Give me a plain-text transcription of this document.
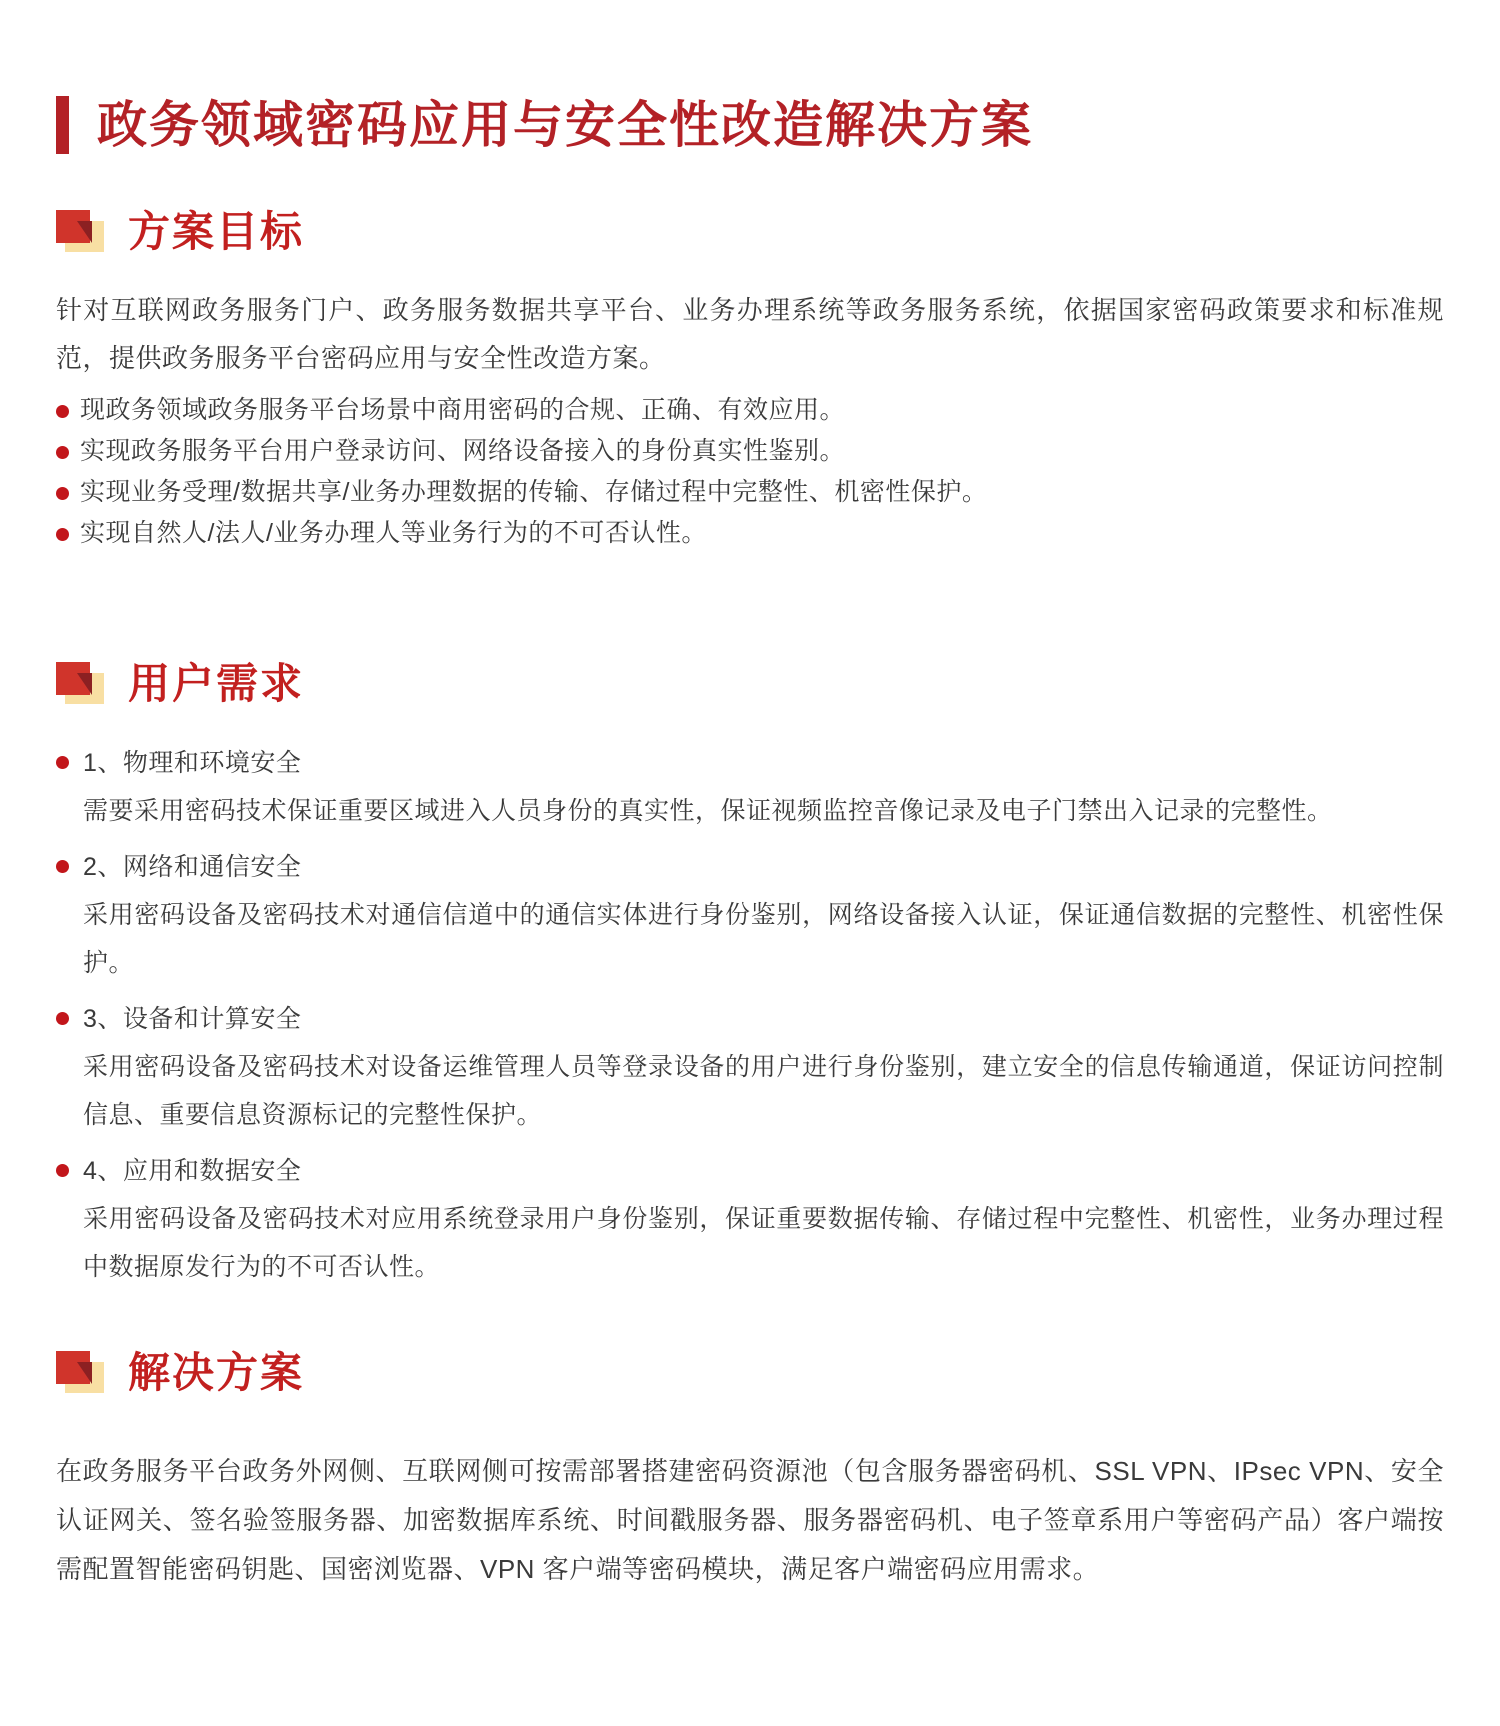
政务领域密码应用与安全性改造解决方案
方案目标

针对互联网政务服务门户、政务服务数据共享平台、业务办理系统等政务服务系统，依据国家密码政策要求和标准规范，提供政务服务平台密码应用与安全性改造方案。

现政务领域政务服务平台场景中商用密码的合规、正确、有效应用。
实现政务服务平台用户登录访问、网络设备接入的身份真实性鉴别。
实现业务受理/数据共享/业务办理数据的传输、存储过程中完整性、机密性保护。
实现自然人/法人/业务办理人等业务行为的不可否认性。
用户需求
1、物理和环境安全
需要采用密码技术保证重要区域进入人员身份的真实性，保证视频监控音像记录及电子门禁出入记录的完整性。
2、网络和通信安全
采用密码设备及密码技术对通信信道中的通信实体进行身份鉴别，网络设备接入认证，保证通信数据的完整性、机密性保护。
3、设备和计算安全
采用密码设备及密码技术对设备运维管理人员等登录设备的用户进行身份鉴别，建立安全的信息传输通道，保证访问控制信息、重要信息资源标记的完整性保护。
4、应用和数据安全
采用密码设备及密码技术对应用系统登录用户身份鉴别，保证重要数据传输、存储过程中完整性、机密性，业务办理过程中数据原发行为的不可否认性。
解决方案

在政务服务平台政务外网侧、互联网侧可按需部署搭建密码资源池（包含服务器密码机、SSL VPN、IPsec VPN、安全认证网关、签名验签服务器、加密数据库系统、时间戳服务器、服务器密码机、电子签章系用户等密码产品）客户端按需配置智能密码钥匙、国密浏览器、VPN 客户端等密码模块，满足客户端密码应用需求。
